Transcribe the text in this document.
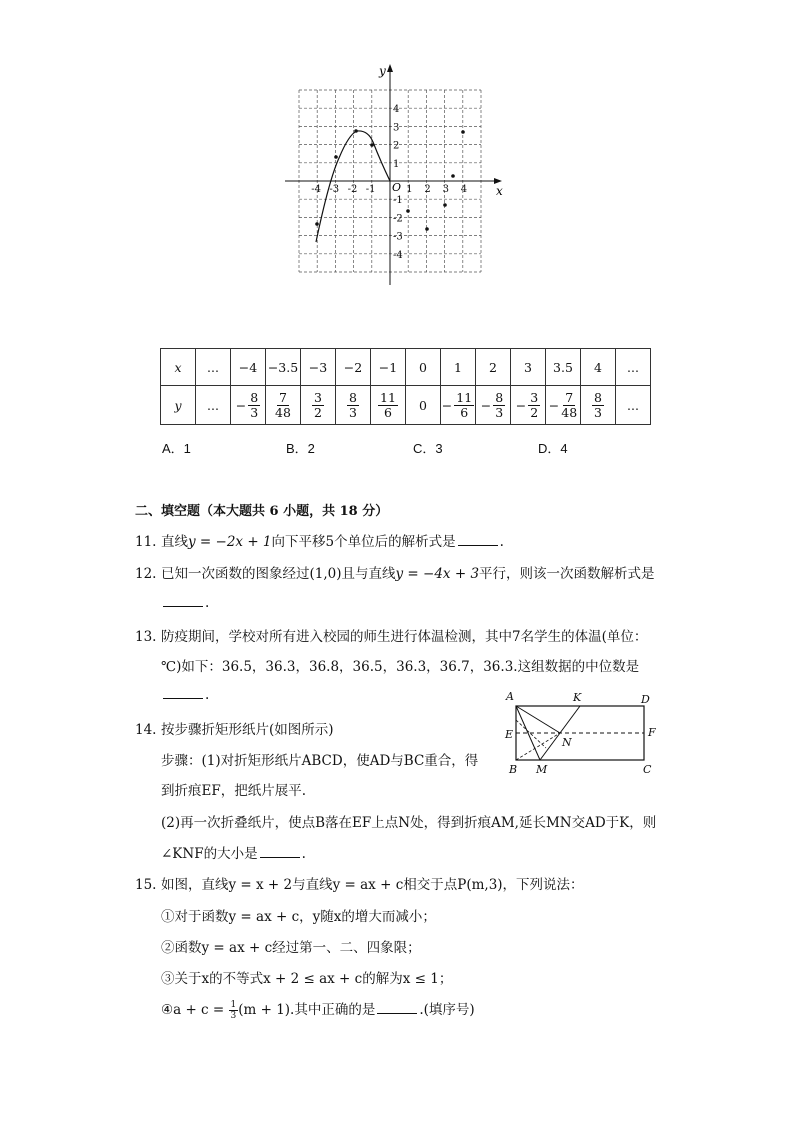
x
y
O
-4 -3 -2 -1	1 2 3 4
4
3
2
1
-1
-2
-3
-4
x	...	−4	−3.5	−3	−2	−1	0	1	2	3	3.5	4	...
y	...	− $\frac{8}{3}$	$\frac{7}{48}$	$\frac{3}{2}$	$\frac{8}{3}$	$\frac{11}{6}$	0	− $\frac{11}{6}$	− $\frac{8}{3}$	− $\frac{3}{2}$	− $\frac{7}{48}$	$\frac{8}{3}$	...
A．1	B．2	C．3	D．4
二、填空题（本大题共 6 小题，共 18 分）
11. 直线y = −2x + 1向下平移5个单位后的解析式是	.
12. 已知一次函数的图象经过(1,0)且与直线y = −4x + 3平行，则该一次函数解析式是
.
13. 防疫期间，学校对所有进入校园的师生进行体温检测，其中7名学生的体温(单位：
℃)如下：36.5，36.3，36.8，36.5，36.3，36.7，36.3.这组数据的中位数是
.
14. 按步骤折矩形纸片(如图所示)
步骤：(1)对折矩形纸片ABCD，使AD与BC重合，得
到折痕EF，把纸片展平.
(2)再一次折叠纸片，使点B落在EF上点N处，得到折痕AM,延长MN交AD于K，则
∠KNF的大小是	.
A	K	D
E
N
F
B M	C
15. 如图，直线y = x + 2与直线y = ax + c相交于点P(m,3)，下列说法：
①对于函数y = ax + c，y随x的增大而减小；
②函数y = ax + c经过第一、二、四象限；
③关于x的不等式x + 2 ≤ ax + c的解为x ≤ 1；
④a + $c = \frac{1}{3} (m + 1)$.其中正确的是	.(填序号)
